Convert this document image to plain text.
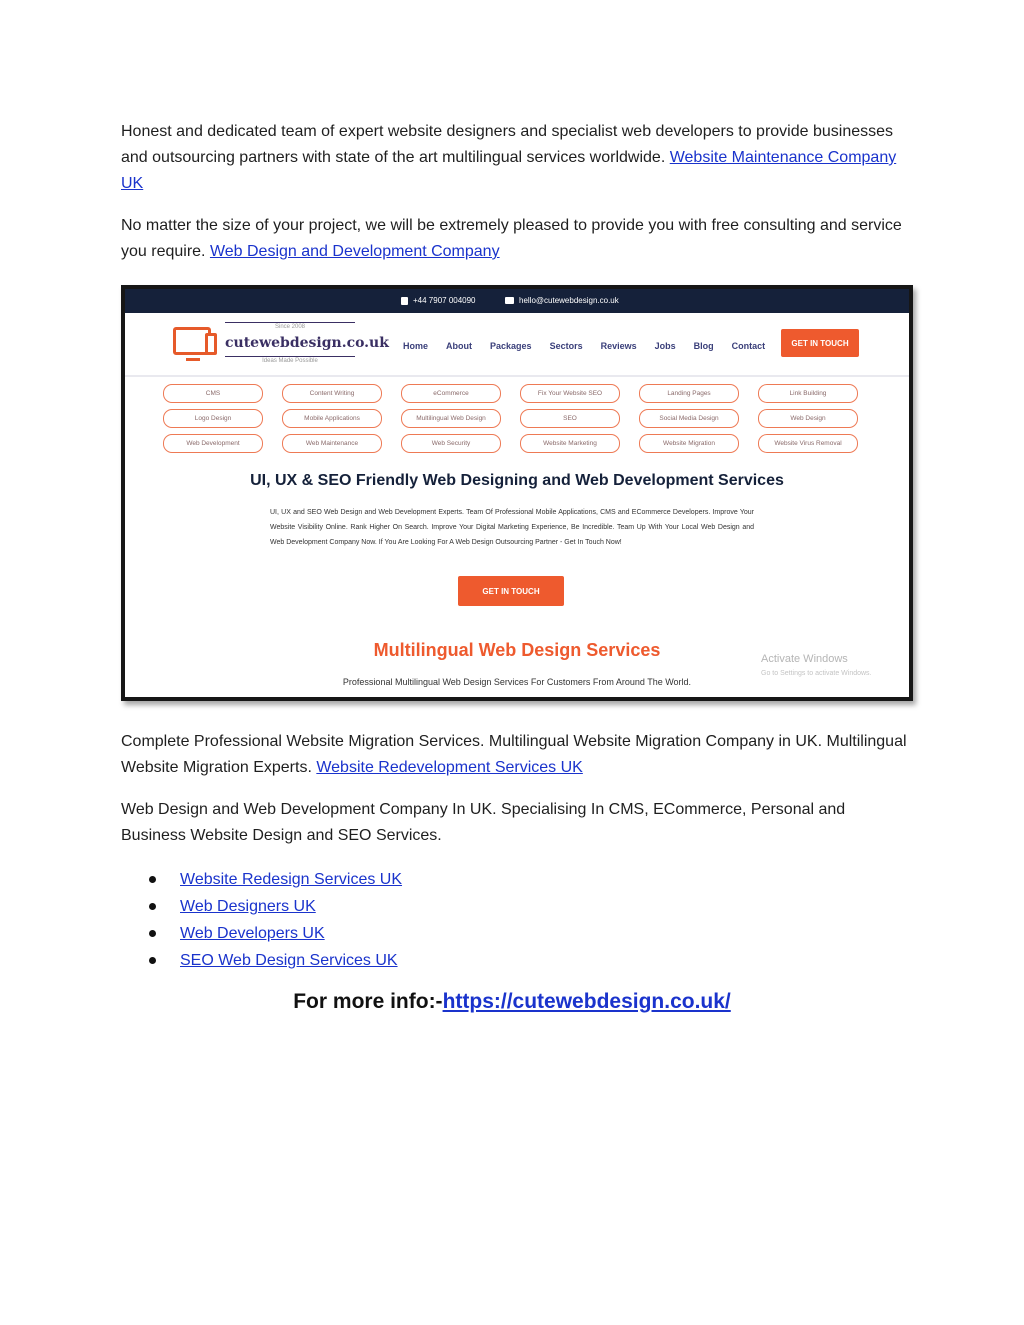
Honest and dedicated team of expert website designers and specialist web developers to provide businesses and outsourcing partners with state of the art multilingual services worldwide. Website Maintenance Company UK

No matter the size of your project, we will be extremely pleased to provide you with free consulting and service you require. Web Design and Development Company

+44 7907 004090	hello@cutewebdesign.co.uk
Since 2008
cutewebdesign.co.uk
Ideas Made Possible
Home About Packages Sectors Reviews Jobs Blog Contact	GET IN TOUCH
CMS	Content Writing	eCommerce	Fix Your Website SEO	Landing Pages	Link Building
Logo Design	Mobile Applications	Multilingual Web Design	SEO	Social Media Design	Web Design
Web Development	Web Maintenance	Web Security	Website Marketing	Website Migration	Website Virus Removal
UI, UX & SEO Friendly Web Designing and Web Development Services
UI, UX and SEO Web Design and Web Development Experts. Team Of Professional Mobile Applications, CMS and ECommerce Developers. Improve Your Website Visibility Online. Rank Higher On Search. Improve Your Digital Marketing Experience, Be Incredible. Team Up With Your Local Web Design and Web Development Company Now. If You Are Looking For A Web Design Outsourcing Partner - Get In Touch Now!
GET IN TOUCH
Multilingual Web Design Services
Professional Multilingual Web Design Services For Customers From Around The World.
Activate Windows
Go to Settings to activate Windows.

Complete Professional Website Migration Services. Multilingual Website Migration Company in UK. Multilingual Website Migration Experts. Website Redevelopment Services UK

Web Design and Web Development Company In UK. Specialising In CMS, ECommerce, Personal and Business Website Design and SEO Services.

Website Redesign Services UK
Web Designers UK
Web Developers UK
SEO Web Design Services UK
For more info:-https://cutewebdesign.co.uk/
